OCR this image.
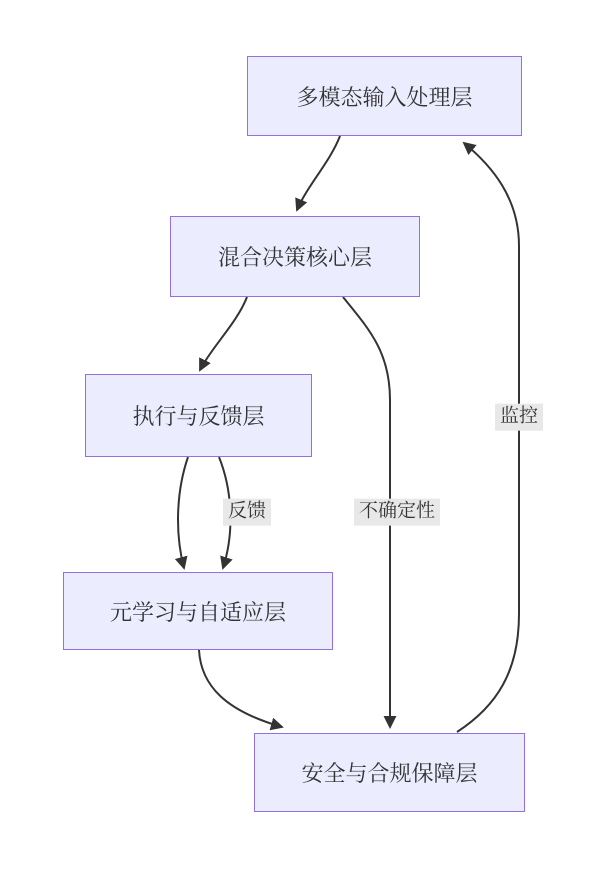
多模态输入处理层
混合决策核心层
执行与反馈层
元学习与自适应层
安全与合规保障层
反馈	不确定性
监控
